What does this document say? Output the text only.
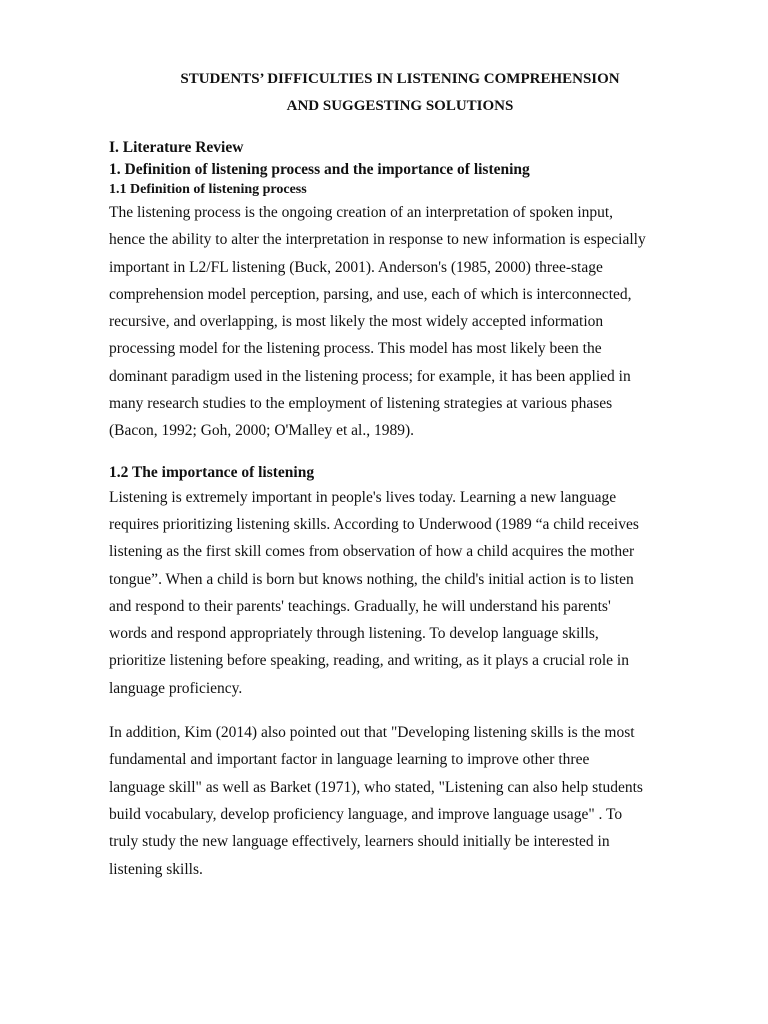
STUDENTS’ DIFFICULTIES IN LISTENING COMPREHENSION
AND SUGGESTING SOLUTIONS
I. Literature Review
1. Definition of listening process and the importance of listening
1.1 Definition of listening process

The listening process is the ongoing creation of an interpretation of spoken input,
hence the ability to alter the interpretation in response to new information is especially
important in L2/FL listening (Buck, 2001). Anderson's (1985, 2000) three-stage
comprehension model perception, parsing, and use, each of which is interconnected,
recursive, and overlapping, is most likely the most widely accepted information
processing model for the listening process. This model has most likely been the
dominant paradigm used in the listening process; for example, it has been applied in
many research studies to the employment of listening strategies at various phases
(Bacon, 1992; Goh, 2000; O'Malley et al., 1989).

1.2 The importance of listening

Listening is extremely important in people's lives today. Learning a new language
requires prioritizing listening skills. According to Underwood (1989 “a child receives
listening as the first skill comes from observation of how a child acquires the mother
tongue”. When a child is born but knows nothing, the child's initial action is to listen
and respond to their parents' teachings. Gradually, he will understand his parents'
words and respond appropriately through listening. To develop language skills,
prioritize listening before speaking, reading, and writing, as it plays a crucial role in
language proficiency.

In addition, Kim (2014) also pointed out that "Developing listening skills is the most
fundamental and important factor in language learning to improve other three
language skill" as well as Barket (1971), who stated, "Listening can also help students
build vocabulary, develop proficiency language, and improve language usage" . To
truly study the new language effectively, learners should initially be interested in
listening skills.
